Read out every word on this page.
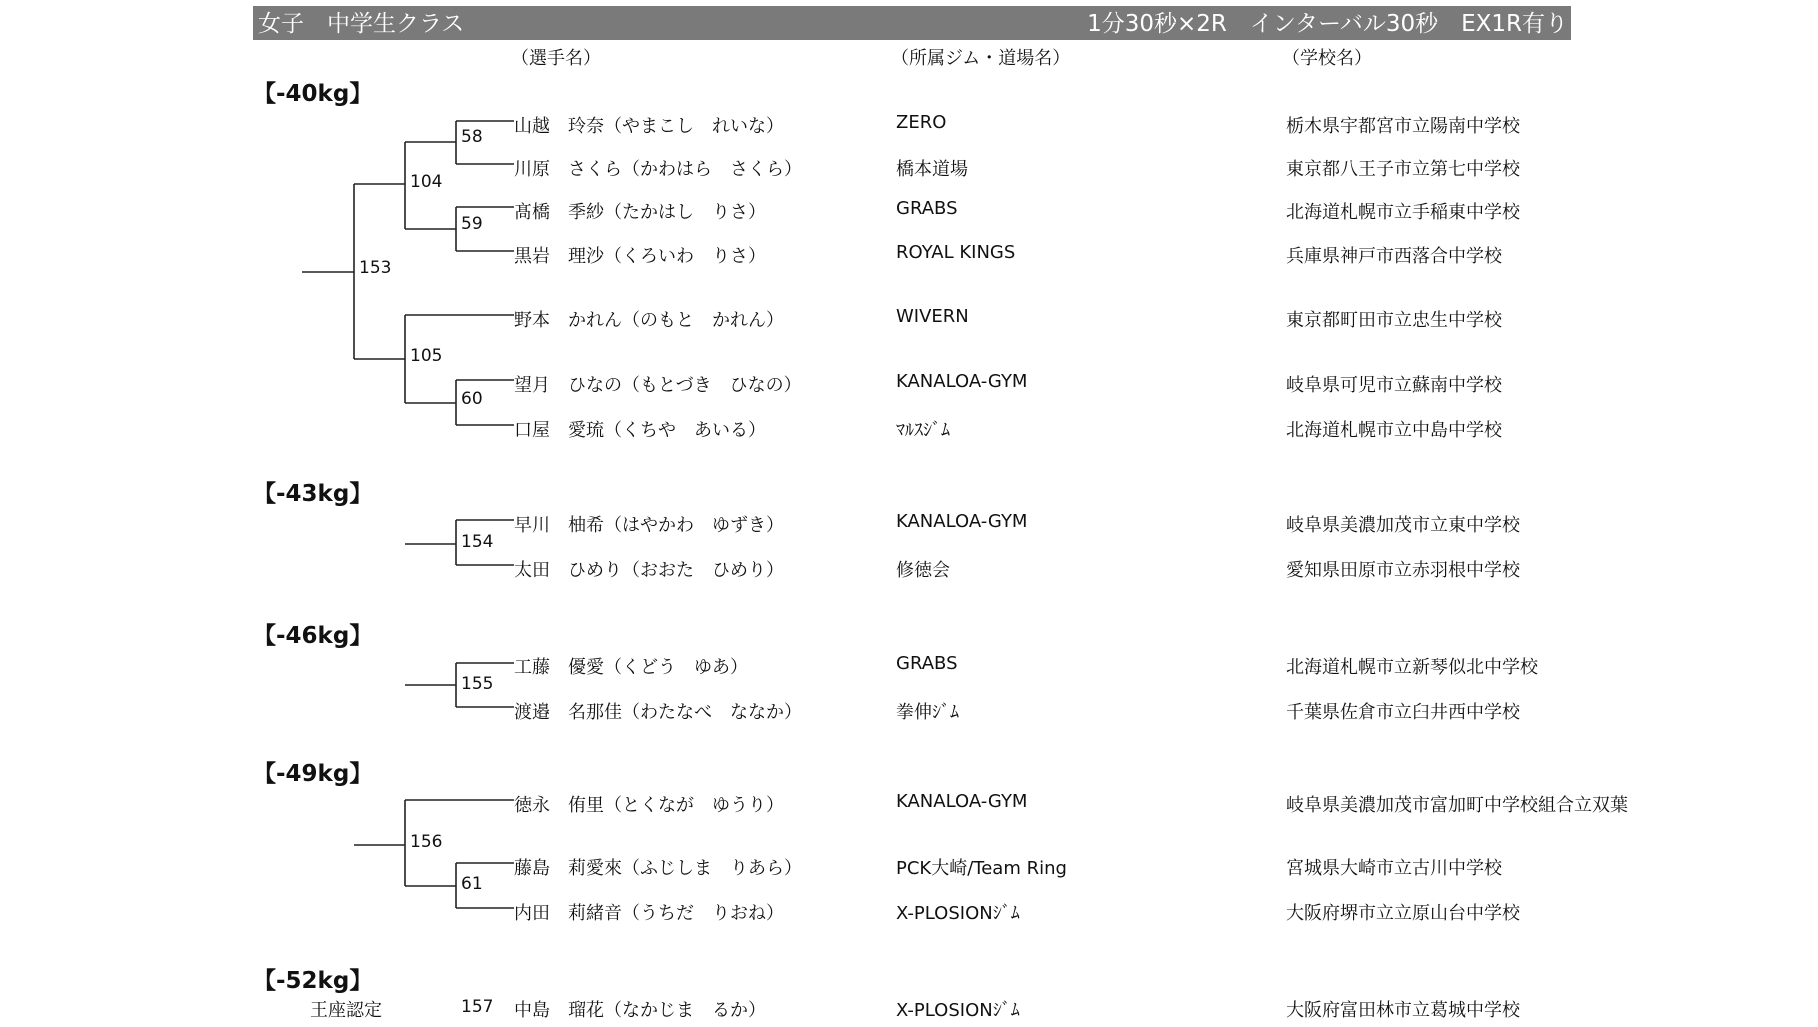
女子　中学生クラス	1分30秒×2R　インターバル30秒　EX1R有り
（選手名）	（所属ジム・道場名）	（学校名）
【-40kg】
58
104
59
153
105
60
山越　玲奈（やまこし　れいな）	ZERO	栃木県宇都宮市立陽南中学校
川原　さくら（かわはら　さくら）	橋本道場	東京都八王子市立第七中学校
髙橋　季紗（たかはし　りさ）	GRABS	北海道札幌市立手稲東中学校
黒岩　理沙（くろいわ　りさ）	ROYAL KINGS	兵庫県神戸市西落合中学校
野本　かれん（のもと　かれん）	WIVERN	東京都町田市立忠生中学校
望月　ひなの（もとづき　ひなの）	KANALOA-GYM	岐阜県可児市立蘇南中学校
口屋　愛琉（くちや　あいる）	ﾏﾙｽｼﾞﾑ	北海道札幌市立中島中学校
【-43kg】
154
早川　柚希（はやかわ　ゆずき）	KANALOA-GYM	岐阜県美濃加茂市立東中学校
太田　ひめり（おおた　ひめり）	修徳会	愛知県田原市立赤羽根中学校
【-46kg】
155
工藤　優愛（くどう　ゆあ）	GRABS	北海道札幌市立新琴似北中学校
渡邉　名那佳（わたなべ　ななか）	拳伸ｼﾞﾑ	千葉県佐倉市立臼井西中学校
【-49kg】
156
61
徳永　侑里（とくなが　ゆうり）	KANALOA-GYM	岐阜県美濃加茂市富加町中学校組合立双葉
藤島　莉愛來（ふじしま　りあら）	PCK大崎/Team Ring	宮城県大崎市立古川中学校
内田　莉緒音（うちだ　りおね）	X-PLOSIONｼﾞﾑ	大阪府堺市立立原山台中学校
【-52kg】
王座認定	157 中島　瑠花（なかじま　るか）	X-PLOSIONｼﾞﾑ	大阪府富田林市立葛城中学校
